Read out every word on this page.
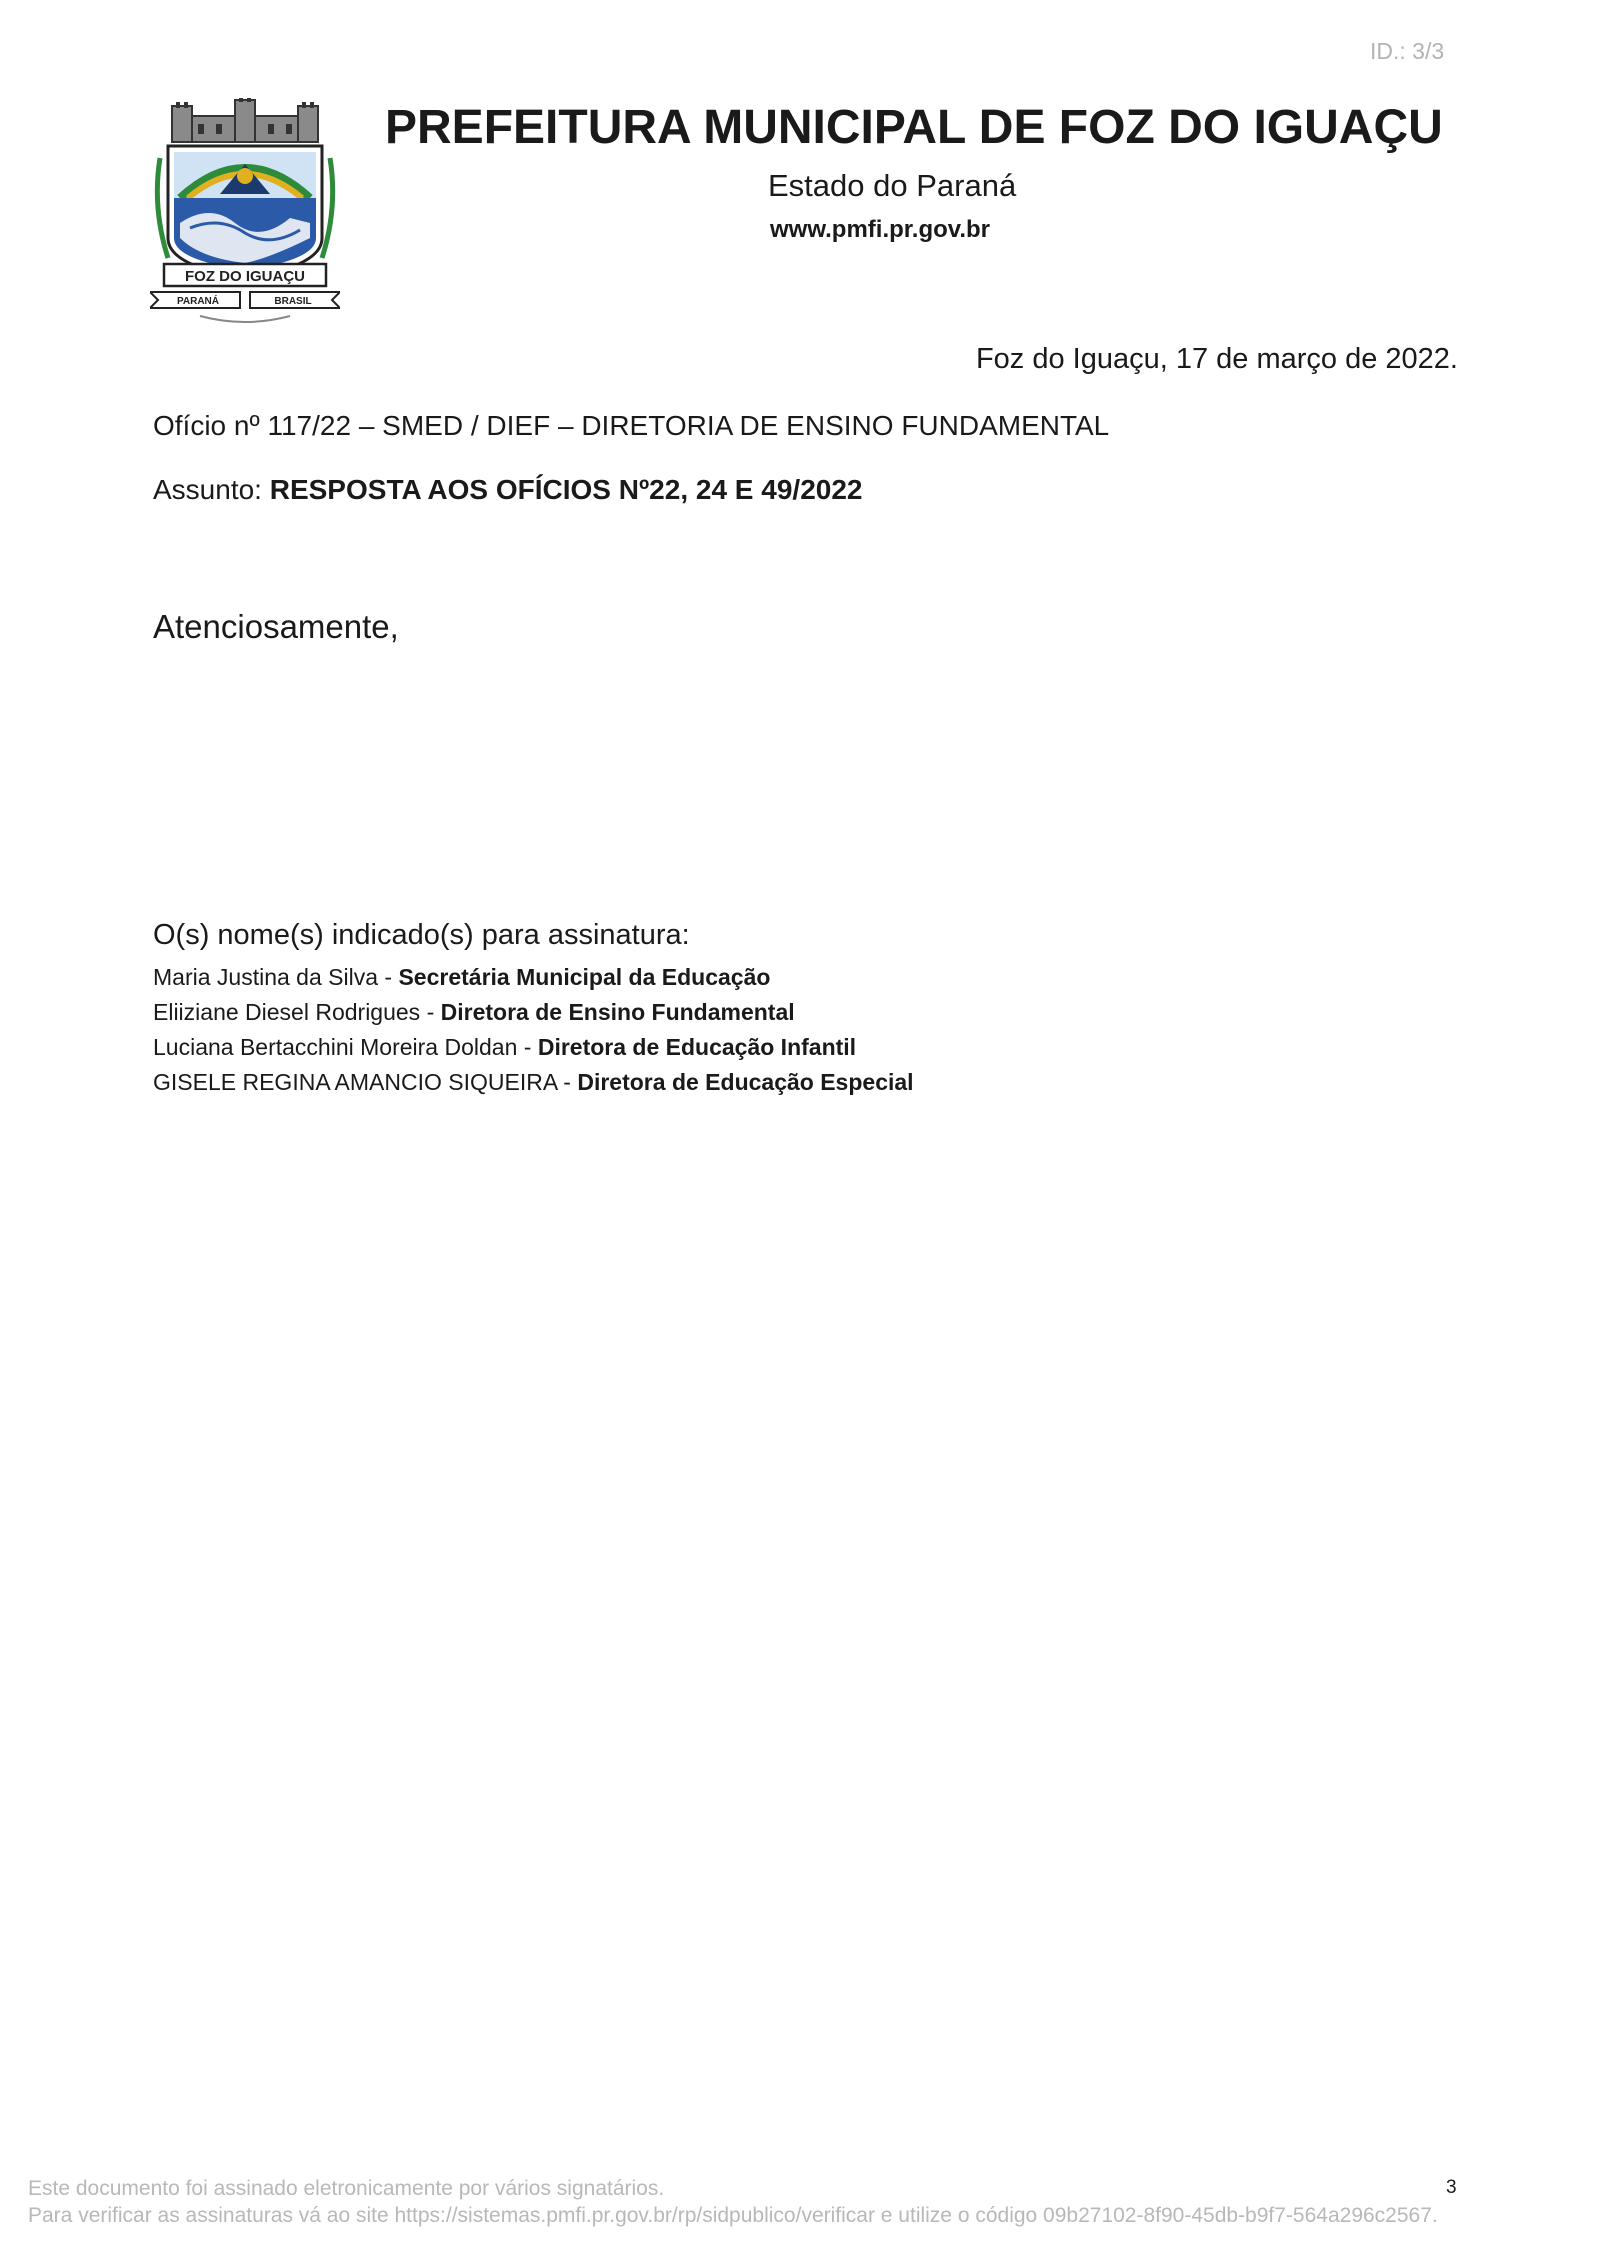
ID.: 3/3
FOZ DO IGUAÇU
PARANÁ	BRASIL
PREFEITURA MUNICIPAL DE FOZ DO IGUAÇU
Estado do Paraná
www.pmfi.pr.gov.br
Foz do Iguaçu, 17 de março de 2022.
Ofício nº 117/22 – SMED / DIEF – DIRETORIA DE ENSINO FUNDAMENTAL
Assunto: RESPOSTA AOS OFÍCIOS Nº22, 24 E 49/2022
Atenciosamente,
O(s) nome(s) indicado(s) para assinatura:
Maria Justina da Silva - Secretária Municipal da Educação
Eliiziane Diesel Rodrigues - Diretora de Ensino Fundamental
Luciana Bertacchini Moreira Doldan - Diretora de Educação Infantil
GISELE REGINA AMANCIO SIQUEIRA - Diretora de Educação Especial
Este documento foi assinado eletronicamente por vários signatários.
Para verificar as assinaturas vá ao site https://sistemas.pmfi.pr.gov.br/rp/sidpublico/verificar e utilize o código 09b27102-8f90-45db-b9f7-564a296c2567.
3
